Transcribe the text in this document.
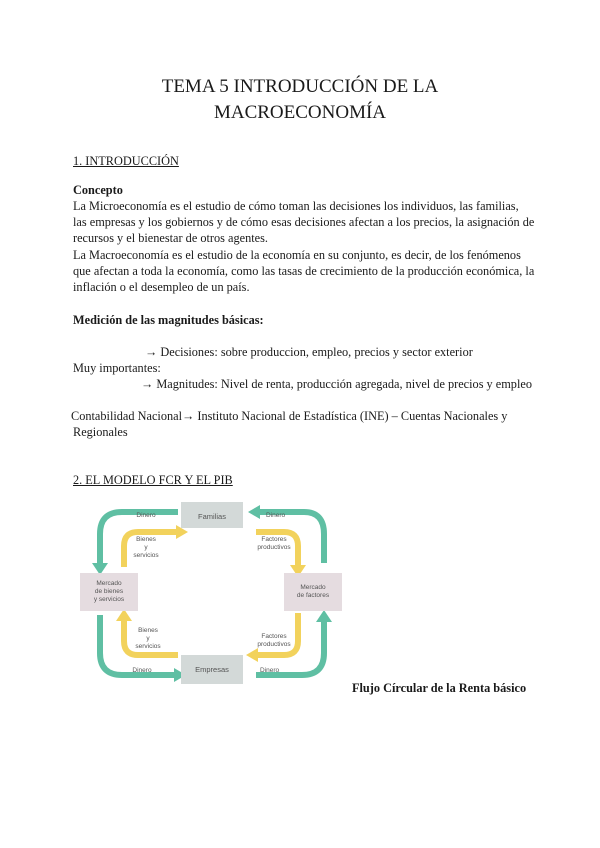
TEMA 5 INTRODUCCIÓN DE LA
MACROECONOMÍA
1. INTRODUCCIÓN
Concepto
La Microeconomía es el estudio de cómo toman las decisiones los individuos, las familias,
las empresas y los gobiernos y de cómo esas decisiones afectan a los precios, la asignación de
recursos y el bienestar de otros agentes.
La Macroeconomía es el estudio de la economía en su conjunto, es decir, de los fenómenos
que afectan a toda la economía, como las tasas de crecimiento de la producción económica, la
inflación o el desempleo de un país.
Medición de las magnitudes básicas:
→ Decisiones: sobre produccion, empleo, precios y sector exterior
Muy importantes:
→ Magnitudes: Nivel de renta, producción agregada, nivel de precios y empleo
Contabilidad Nacional→ Instituto Nacional de Estadística (INE) – Cuentas Nacionales y
Regionales
2. EL MODELO FCR Y EL PIB
Familias
Empresas
Mercado
de bienes
y servicios
Mercado
de factores
Dinero	Dinero
Dinero	Dinero
Bienes
y
servicios
Factores
productivos
Bienes
y
servicios
Factores
productivos
Flujo Círcular de la Renta básico
